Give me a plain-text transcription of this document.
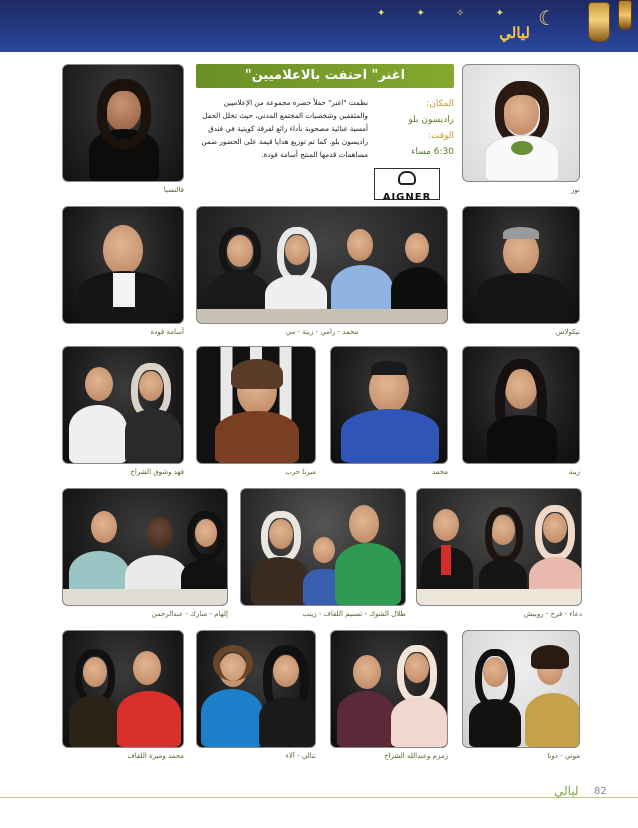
✦ ✦ ✧ ✦ ☾
ليالي
فالنسيا	نور
"اغنر" احتفت بالاعلاميين
نظمت "اغنر" حفلاً حضره مجموعة من الإعلاميين والمثقفين وشخصيات المجتمع المدني، حيث تخلل الحفل أمسية غنائية مصحوبة بأداء رائع لفرقة كويتية في فندق راديسون بلو. كما تم توزيع هدايا قيمة على الحضور ضمن مساهمات قدمها المنتج أسامة فودة.
المكان:
راديسون بلو
الوقت:
6:30 مساء
AIGNER
أسامة فودة	محمد - رامي - زينة - مي	نيكولاس
فهد وشوق الشراح	ميرنا حرب	محمد	زينة
إلهام - مبارك - عبدالرحمن	طلال الشوك - تسنيم اللقاف - زينب	دعاء - فرح - روبيش
محمد وميرة اللقاف	نتالي - آلاء	زمزم وعبدالله الشراح	موني - دونا
ليالي 82
